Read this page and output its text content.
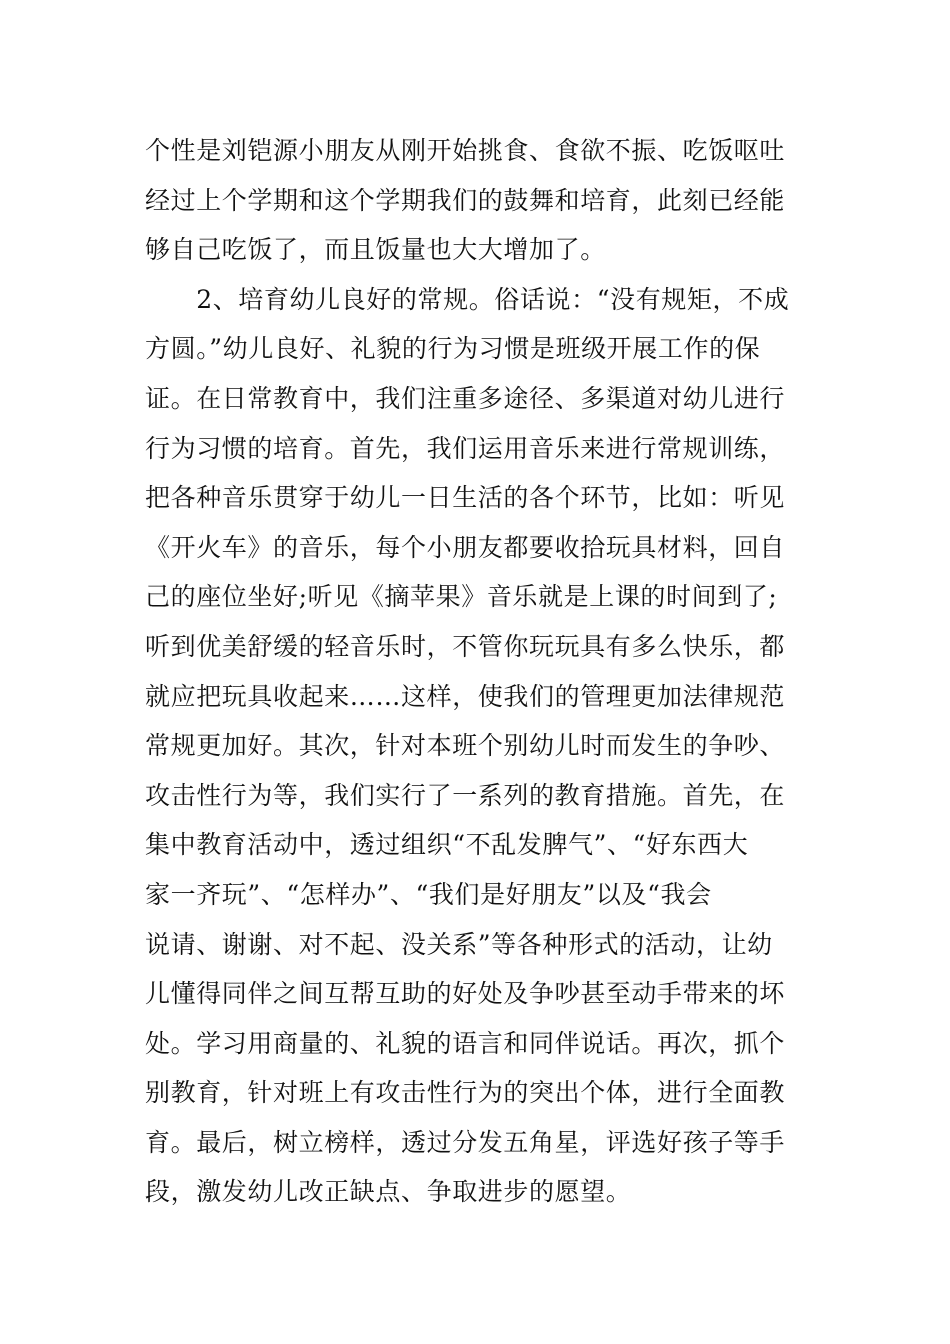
个性是刘铠源小朋友从刚开始挑食、食欲不振、吃饭呕吐
经过上个学期和这个学期我们的鼓舞和培育，此刻已经能
够自己吃饭了，而且饭量也大大增加了。
　　2、培育幼儿良好的常规。俗话说：“没有规矩，不成
方圆。”幼儿良好、礼貌的行为习惯是班级开展工作的保
证。在日常教育中，我们注重多途径、多渠道对幼儿进行
行为习惯的培育。首先，我们运用音乐来进行常规训练，
把各种音乐贯穿于幼儿一日生活的各个环节，比如：听见
《开火车》的音乐，每个小朋友都要收拾玩具材料，回自
己的座位坐好;听见《摘苹果》音乐就是上课的时间到了;
听到优美舒缓的轻音乐时，不管你玩玩具有多么快乐，都
就应把玩具收起来……这样，使我们的管理更加法律规范
常规更加好。其次，针对本班个别幼儿时而发生的争吵、
攻击性行为等，我们实行了一系列的教育措施。首先，在
集中教育活动中，透过组织“不乱发脾气”、“好东西大
家一齐玩”、“怎样办”、“我们是好朋友”以及“我会
说请、谢谢、对不起、没关系”等各种形式的活动，让幼
儿懂得同伴之间互帮互助的好处及争吵甚至动手带来的坏
处。学习用商量的、礼貌的语言和同伴说话。再次，抓个
别教育，针对班上有攻击性行为的突出个体，进行全面教
育。最后，树立榜样，透过分发五角星，评选好孩子等手
段，激发幼儿改正缺点、争取进步的愿望。
